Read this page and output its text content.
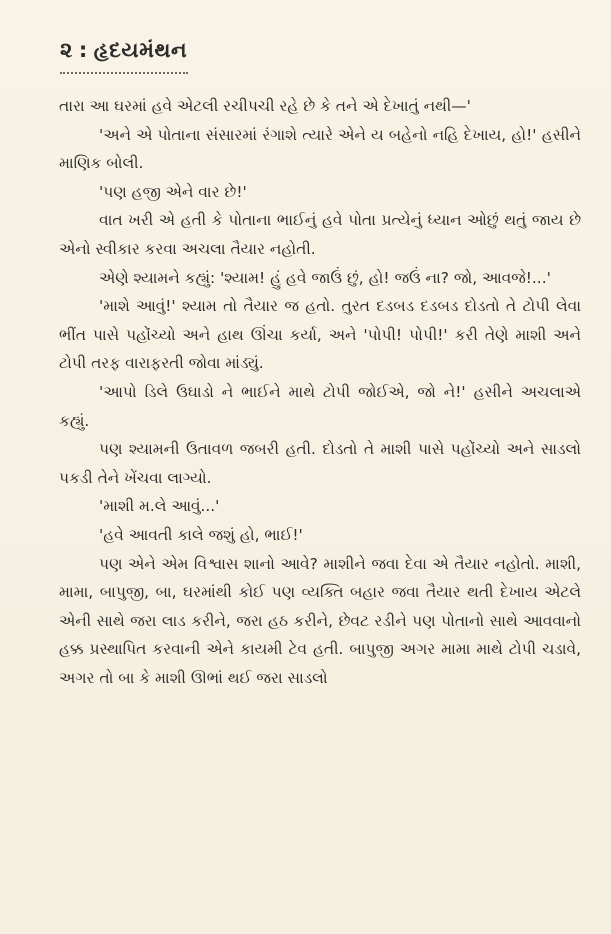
૨ : હૃદયમંથન

તારા આ ઘરમાં હવે એટલી રચીપચી રહે છે કે તને એ દેખાતું નથી—'

'અને એ પોતાના સંસારમાં રંગાશે ત્યારે એને ય બહેનો નહિ દેખાય, હો!' હસીને માણિક બોલી.

'પણ હજી એને વાર છે!'

વાત ખરી એ હતી કે પોતાના ભાઈનું હવે પોતા પ્રત્યેનું ધ્યાન ઓછું થતું જાય છે એનો સ્વીકાર કરવા અચલા તૈયાર નહોતી.

એણે શ્યામને કહ્યું: 'શ્યામ! હું હવે જાઉં છું, હો! જઉં ના? જો, આવજે!...'

'માશે આવું!' શ્યામ તો તૈયાર જ હતો. તુરત દડબડ દડબડ દોડતો તે ટોપી લેવા ભીંત પાસે પહોંચ્યો અને હાથ ઊંચા કર્યા, અને 'પોપી! પોપી!' કરી તેણે માશી અને ટોપી તરફ વારાફરતી જોવા માંડ્યું.

'આપો ડિલે ઉઘાડો ને ભાઈને માથે ટોપી જોઈએ, જો ને!' હસીને અચલાએ કહ્યું.

પણ શ્યામની ઉતાવળ જબરી હતી. દોડતો તે માશી પાસે પહોંચ્યો અને સાડલો પકડી તેને ખેંચવા લાગ્યો.

'માશી મ.લે આવું...'

'હવે આવતી કાલે જશું હો, ભાઈ!'

પણ એને એમ વિશ્વાસ શાનો આવે? માશીને જવા દેવા એ તૈયાર નહોતો. માશી, મામા, બાપુજી, બા, ઘરમાંથી કોઈ પણ વ્યક્તિ બહાર જવા તૈયાર થતી દેખાય એટલે એની સાથે જરા લાડ કરીને, જરા હઠ કરીને, છેવટ રડીને પણ પોતાનો સાથે આવવાનો હક્ક પ્રસ્થાપિત કરવાની એને કાયમી ટેવ હતી. બાપુજી અગર મામા માથે ટોપી ચડાવે, અગર તો બા કે માશી ઊભાં થઈ જરા સાડલો
